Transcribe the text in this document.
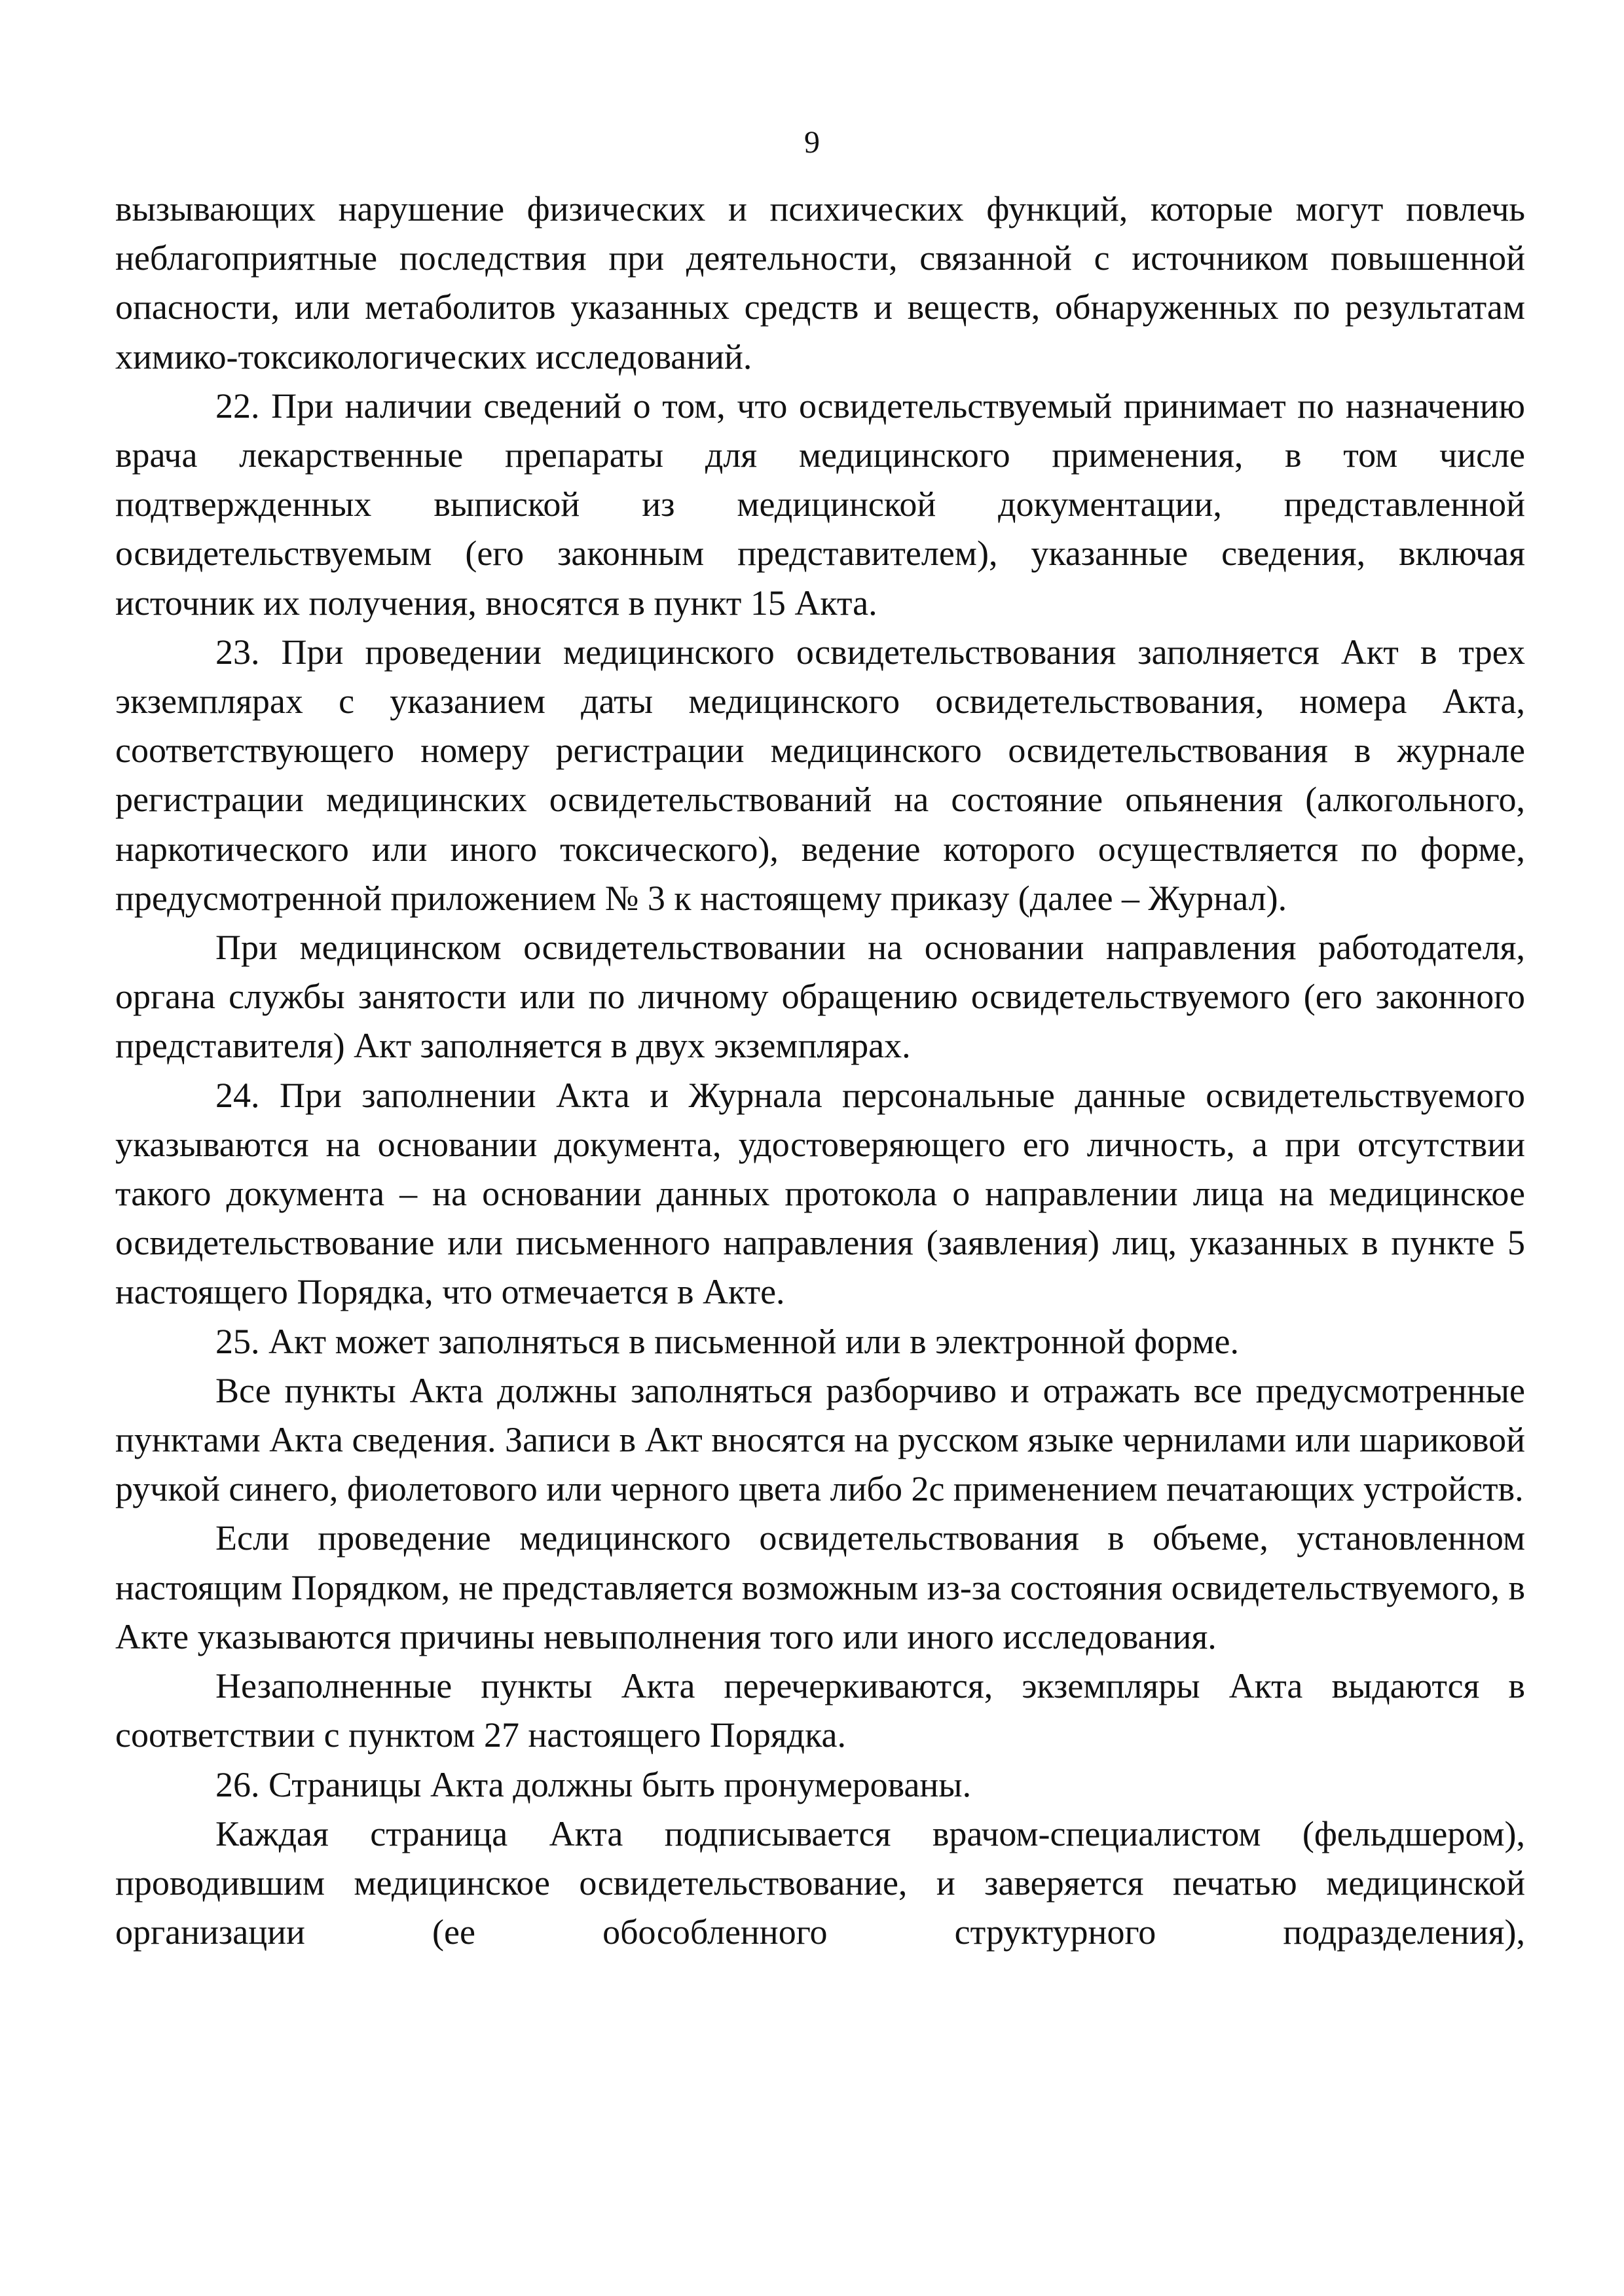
9

вызывающих нарушение физических и психических функций, которые могут повлечь неблагоприятные последствия при деятельности, связанной с источником повышенной опасности, или метаболитов указанных средств и веществ, обнаруженных по результатам химико-токсикологических исследований.

22. При наличии сведений о том, что освидетельствуемый принимает по назначению врача лекарственные препараты для медицинского применения, в том числе подтвержденных выпиской из медицинской документации, представленной освидетельствуемым (его законным представителем), указанные сведения, включая источник их получения, вносятся в пункт 15 Акта.

23. При проведении медицинского освидетельствования заполняется Акт в трех экземплярах с указанием даты медицинского освидетельствования, номера Акта, соответствующего номеру регистрации медицинского освидетельствования в журнале регистрации медицинских освидетельствований на состояние опьянения (алкогольного, наркотического или иного токсического), ведение которого осуществляется по форме, предусмотренной приложением № 3 к настоящему приказу (далее – Журнал).

При медицинском освидетельствовании на основании направления работодателя, органа службы занятости или по личному обращению освидетельствуемого (его законного представителя) Акт заполняется в двух экземплярах.

24. При заполнении Акта и Журнала персональные данные освидетельствуемого указываются на основании документа, удостоверяющего его личность, а при отсутствии такого документа – на основании данных протокола о направлении лица на медицинское освидетельствование или письменного направления (заявления) лиц, указанных в пункте 5 настоящего Порядка, что отмечается в Акте.

25. Акт может заполняться в письменной или в электронной форме.

Все пункты Акта должны заполняться разборчиво и отражать все предусмотренные пунктами Акта сведения. Записи в Акт вносятся на русском языке чернилами или шариковой ручкой синего, фиолетового или черного цвета либо 2с применением печатающих устройств.

Если проведение медицинского освидетельствования в объеме, установленном настоящим Порядком, не представляется возможным из-за состояния освидетельствуемого, в Акте указываются причины невыполнения того или иного исследования.

Незаполненные пункты Акта перечеркиваются, экземпляры Акта выдаются в соответствии с пунктом 27 настоящего Порядка.

26. Страницы Акта должны быть пронумерованы.

Каждая страница Акта подписывается врачом-специалистом (фельдшером), проводившим медицинское освидетельствование, и заверяется печатью медицинской организации (ее обособленного структурного подразделения),
